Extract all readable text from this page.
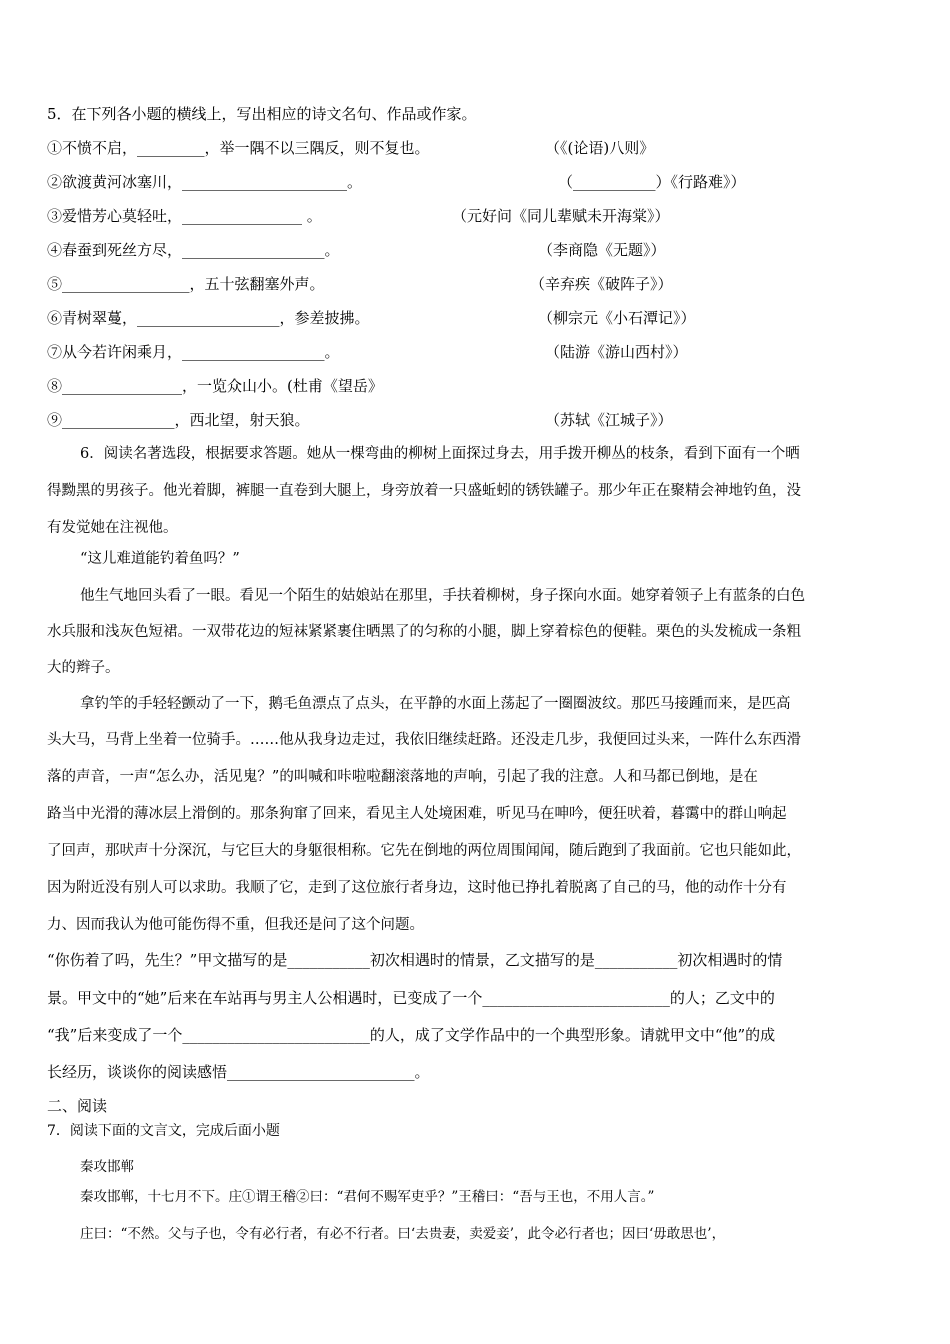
5．在下列各小题的横线上，写出相应的诗文名句、作品或作家。
①不愤不启，_________，举一隅不以三隅反，则不复也。	（《(论语)八则》
②欲渡黄河冰塞川，______________________。	（___________）《行路难》）
③爱惜芳心莫轻吐，________________ 。	（元好问《同儿辈赋未开海棠》）
④春蚕到死丝方尽，___________________。	（李商隐《无题》）
⑤_________________，五十弦翻塞外声。	（辛弃疾《破阵子》）
⑥青树翠蔓，___________________，参差披拂。	（柳宗元《小石潭记》）
⑦从今若许闲乘月，___________________。	（陆游《游山西村》）
⑧________________，一览众山小。(杜甫《望岳》
⑨_______________，西北望，射天狼。	（苏轼《江城子》）
6．阅读名著选段，根据要求答题。她从一棵弯曲的柳树上面探过身去，用手拨开柳丛的枝条，看到下面有一个晒
得黝黑的男孩子。他光着脚，裤腿一直卷到大腿上，身旁放着一只盛蚯蚓的锈铁罐子。那少年正在聚精会神地钓鱼，没
有发觉她在注视他。
“这儿难道能钓着鱼吗？”
他生气地回头看了一眼。看见一个陌生的姑娘站在那里，手扶着柳树，身子探向水面。她穿着领子上有蓝条的白色
水兵服和浅灰色短裙。一双带花边的短袜紧紧裹住晒黑了的匀称的小腿，脚上穿着棕色的便鞋。栗色的头发梳成一条粗
大的辫子。
拿钓竿的手轻轻颤动了一下，鹅毛鱼漂点了点头，在平静的水面上荡起了一圈圈波纹。那匹马接踵而来，是匹高
头大马，马背上坐着一位骑手。……他从我身边走过，我依旧继续赶路。还没走几步，我便回过头来，一阵什么东西滑
落的声音，一声“怎么办，活见鬼？”的叫喊和咔啦啦翻滚落地的声响，引起了我的注意。人和马都已倒地，是在
路当中光滑的薄冰层上滑倒的。那条狗窜了回来，看见主人处境困难，听见马在呻吟，便狂吠着，暮霭中的群山响起
了回声，那吠声十分深沉，与它巨大的身躯很相称。它先在倒地的两位周围闻闻，随后跑到了我面前。它也只能如此，
因为附近没有别人可以求助。我顺了它，走到了这位旅行者身边，这时他已挣扎着脱离了自己的马，他的动作十分有
力、因而我认为他可能伤得不重，但我还是问了这个问题。
“你伤着了吗，先生？”甲文描写的是___________初次相遇时的情景，乙文描写的是___________初次相遇时的情
景。甲文中的“她”后来在车站再与男主人公相遇时，已变成了一个_________________________的人；乙文中的
“我”后来变成了一个_________________________的人，成了文学作品中的一个典型形象。请就甲文中“他”的成
长经历，谈谈你的阅读感悟_________________________。
二、阅读
7．阅读下面的文言文，完成后面小题
秦攻邯郸
秦攻邯郸，十七月不下。庄①谓王稽②曰：“君何不赐军吏乎？”王稽曰：“吾与王也，不用人言。”
庄曰：“不然。父与子也，令有必行者，有必不行者。曰‘去贵妻，卖爱妾’，此令必行者也；因曰‘毋敢思也’，
